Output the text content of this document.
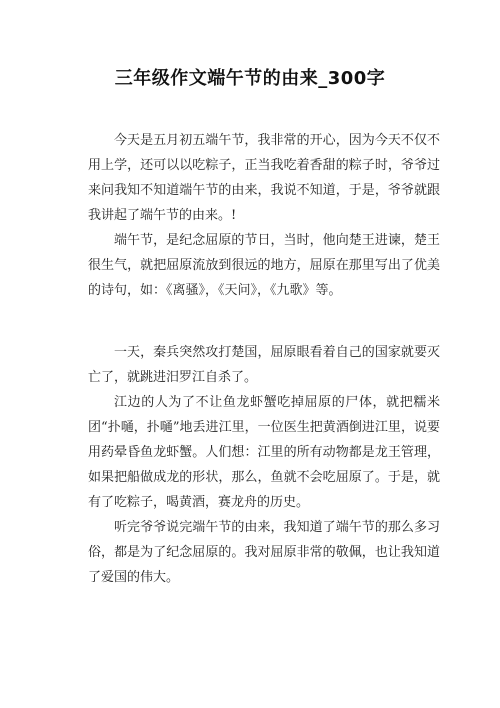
三年级作文端午节的由来_300字

今天是五月初五端午节，我非常的开心，因为今天不仅不用上学，还可以以吃粽子，正当我吃着香甜的粽子时，爷爷过来问我知不知道端午节的由来，我说不知道，于是，爷爷就跟我讲起了端午节的由来。!

端午节，是纪念屈原的节日，当时，他向楚王进谏，楚王很生气，就把屈原流放到很远的地方，屈原在那里写出了优美的诗句，如：《离骚》，《天问》，《九歌》等。

一天，秦兵突然攻打楚国，屈原眼看着自己的国家就要灭亡了，就跳进汨罗江自杀了。

江边的人为了不让鱼龙虾蟹吃掉屈原的尸体，就把糯米团“扑嗵，扑嗵”地丢进江里，一位医生把黄酒倒进江里，说要用药晕昏鱼龙虾蟹。人们想：江里的所有动物都是龙王管理，如果把船做成龙的形状，那么，鱼就不会吃屈原了。于是，就有了吃粽子，喝黄酒，赛龙舟的历史。

听完爷爷说完端午节的由来，我知道了端午节的那么多习俗，都是为了纪念屈原的。我对屈原非常的敬佩，也让我知道了爱国的伟大。
